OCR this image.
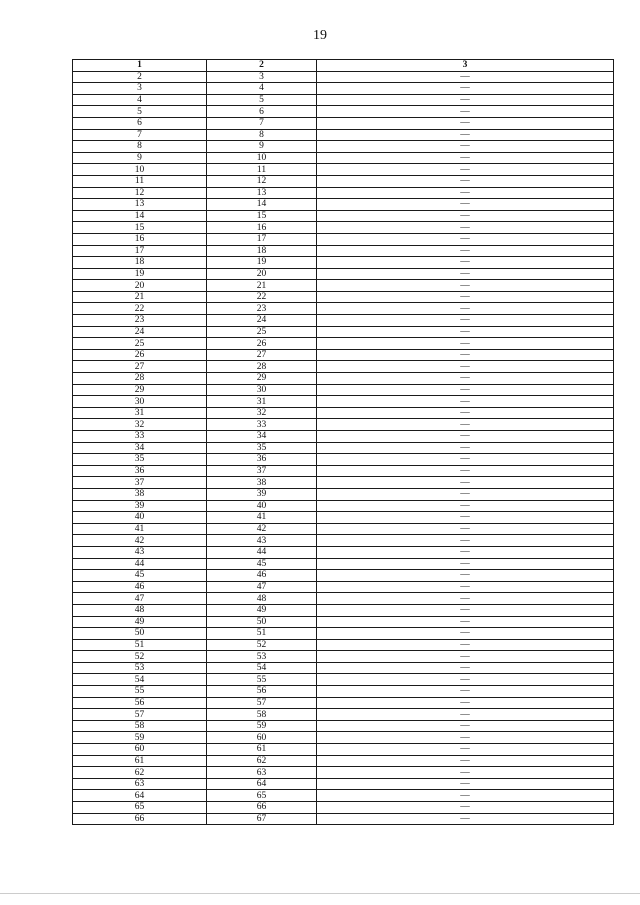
19
1	2	3
2	3	—
3	4	—
4	5	—
5	6	—
6	7	—
7	8	—
8	9	—
9	10	—
10	11	—
11	12	—
12	13	—
13	14	—
14	15	—
15	16	—
16	17	—
17	18	—
18	19	—
19	20	—
20	21	—
21	22	—
22	23	—
23	24	—
24	25	—
25	26	—
26	27	—
27	28	—
28	29	—
29	30	—
30	31	—
31	32	—
32	33	—
33	34	—
34	35	—
35	36	—
36	37	—
37	38	—
38	39	—
39	40	—
40	41	—
41	42	—
42	43	—
43	44	—
44	45	—
45	46	—
46	47	—
47	48	—
48	49	—
49	50	—
50	51	—
51	52	—
52	53	—
53	54	—
54	55	—
55	56	—
56	57	—
57	58	—
58	59	—
59	60	—
60	61	—
61	62	—
62	63	—
63	64	—
64	65	—
65	66	—
66	67	—
